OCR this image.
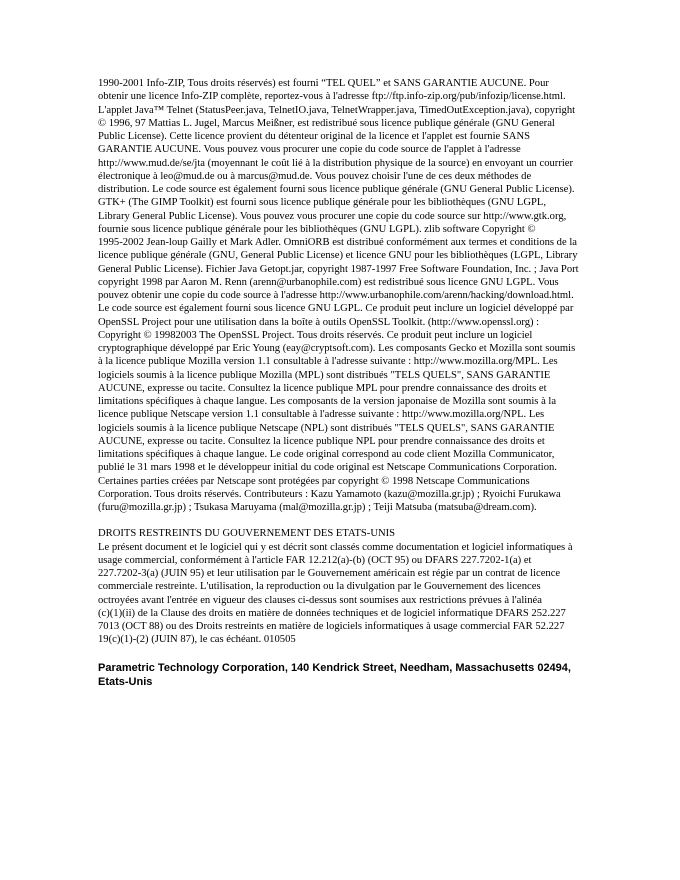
1990-2001 Info-ZIP, Tous droits réservés) est fourni “TEL QUEL” et SANS GARANTIE AUCUNE. Pour
obtenir une licence Info-ZIP complète, reportez-vous à l'adresse ftp://ftp.info-zip.org/pub/infozip/license.html.
L'applet Java™ Telnet (StatusPeer.java, TelnetIO.java, TelnetWrapper.java, TimedOutException.java), copyright
© 1996, 97 Mattias L. Jugel, Marcus Meißner, est redistribué sous licence publique générale (GNU General
Public License). Cette licence provient du détenteur original de la licence et l'applet est fournie SANS
GARANTIE AUCUNE. Vous pouvez vous procurer une copie du code source de l'applet à l'adresse
http://www.mud.de/se/jta (moyennant le coût lié à la distribution physique de la source) en envoyant un courrier
électronique à leo@mud.de ou à marcus@mud.de. Vous pouvez choisir l'une de ces deux méthodes de
distribution. Le code source est également fourni sous licence publique générale (GNU General Public License).
GTK+ (The GIMP Toolkit) est fourni sous licence publique générale pour les bibliothèques (GNU LGPL,
Library General Public License). Vous pouvez vous procurer une copie du code source sur http://www.gtk.org,
fournie sous licence publique générale pour les bibliothèques (GNU LGPL). zlib software Copyright ©
1995-2002 Jean-loup Gailly et Mark Adler. OmniORB est distribué conformément aux termes et conditions de la
licence publique générale (GNU, General Public License) et licence GNU pour les bibliothèques (LGPL, Library
General Public License). Fichier Java Getopt.jar, copyright 1987-1997 Free Software Foundation, Inc. ; Java Port
copyright 1998 par Aaron M. Renn (arenn@urbanophile.com) est redistribué sous licence GNU LGPL. Vous
pouvez obtenir une copie du code source à l'adresse http://www.urbanophile.com/arenn/hacking/download.html.
Le code source est également fourni sous licence GNU LGPL. Ce produit peut inclure un logiciel développé par
OpenSSL Project pour une utilisation dans la boîte à outils OpenSSL Toolkit. (http://www.openssl.org) :
Copyright © 19982003 The OpenSSL Project. Tous droits réservés. Ce produit peut inclure un logiciel
cryptographique développé par Eric Young (eay@cryptsoft.com). Les composants Gecko et Mozilla sont soumis
à la licence publique Mozilla version 1.1 consultable à l'adresse suivante : http://www.mozilla.org/MPL. Les
logiciels soumis à la licence publique Mozilla (MPL) sont distribués "TELS QUELS", SANS GARANTIE
AUCUNE, expresse ou tacite. Consultez la licence publique MPL pour prendre connaissance des droits et
limitations spécifiques à chaque langue. Les composants de la version japonaise de Mozilla sont soumis à la
licence publique Netscape version 1.1 consultable à l'adresse suivante : http://www.mozilla.org/NPL. Les
logiciels soumis à la licence publique Netscape (NPL) sont distribués "TELS QUELS", SANS GARANTIE
AUCUNE, expresse ou tacite. Consultez la licence publique NPL pour prendre connaissance des droits et
limitations spécifiques à chaque langue. Le code original correspond au code client Mozilla Communicator,
publié le 31 mars 1998 et le développeur initial du code original est Netscape Communications Corporation.
Certaines parties créées par Netscape sont protégées par copyright © 1998 Netscape Communications
Corporation. Tous droits réservés. Contributeurs : Kazu Yamamoto (kazu@mozilla.gr.jp) ; Ryoichi Furukawa
(furu@mozilla.gr.jp) ; Tsukasa Maruyama (mal@mozilla.gr.jp) ; Teiji Matsuba (matsuba@dream.com).

DROITS RESTREINTS DU GOUVERNEMENT DES ETATS-UNIS

Le présent document et le logiciel qui y est décrit sont classés comme documentation et logiciel informatiques à
usage commercial, conformément à l'article FAR 12.212(a)-(b) (OCT 95) ou DFARS 227.7202-1(a) et
227.7202-3(a) (JUIN 95) et leur utilisation par le Gouvernement américain est régie par un contrat de licence
commerciale restreinte. L'utilisation, la reproduction ou la divulgation par le Gouvernement des licences
octroyées avant l'entrée en vigueur des clauses ci-dessus sont soumises aux restrictions prévues à l'alinéa
(c)(1)(ii) de la Clause des droits en matière de données techniques et de logiciel informatique DFARS 252.227
7013 (OCT 88) ou des Droits restreints en matière de logiciels informatiques à usage commercial FAR 52.227
19(c)(1)-(2) (JUIN 87), le cas échéant. 010505

Parametric Technology Corporation, 140 Kendrick Street, Needham, Massachusetts 02494,
Etats-Unis
